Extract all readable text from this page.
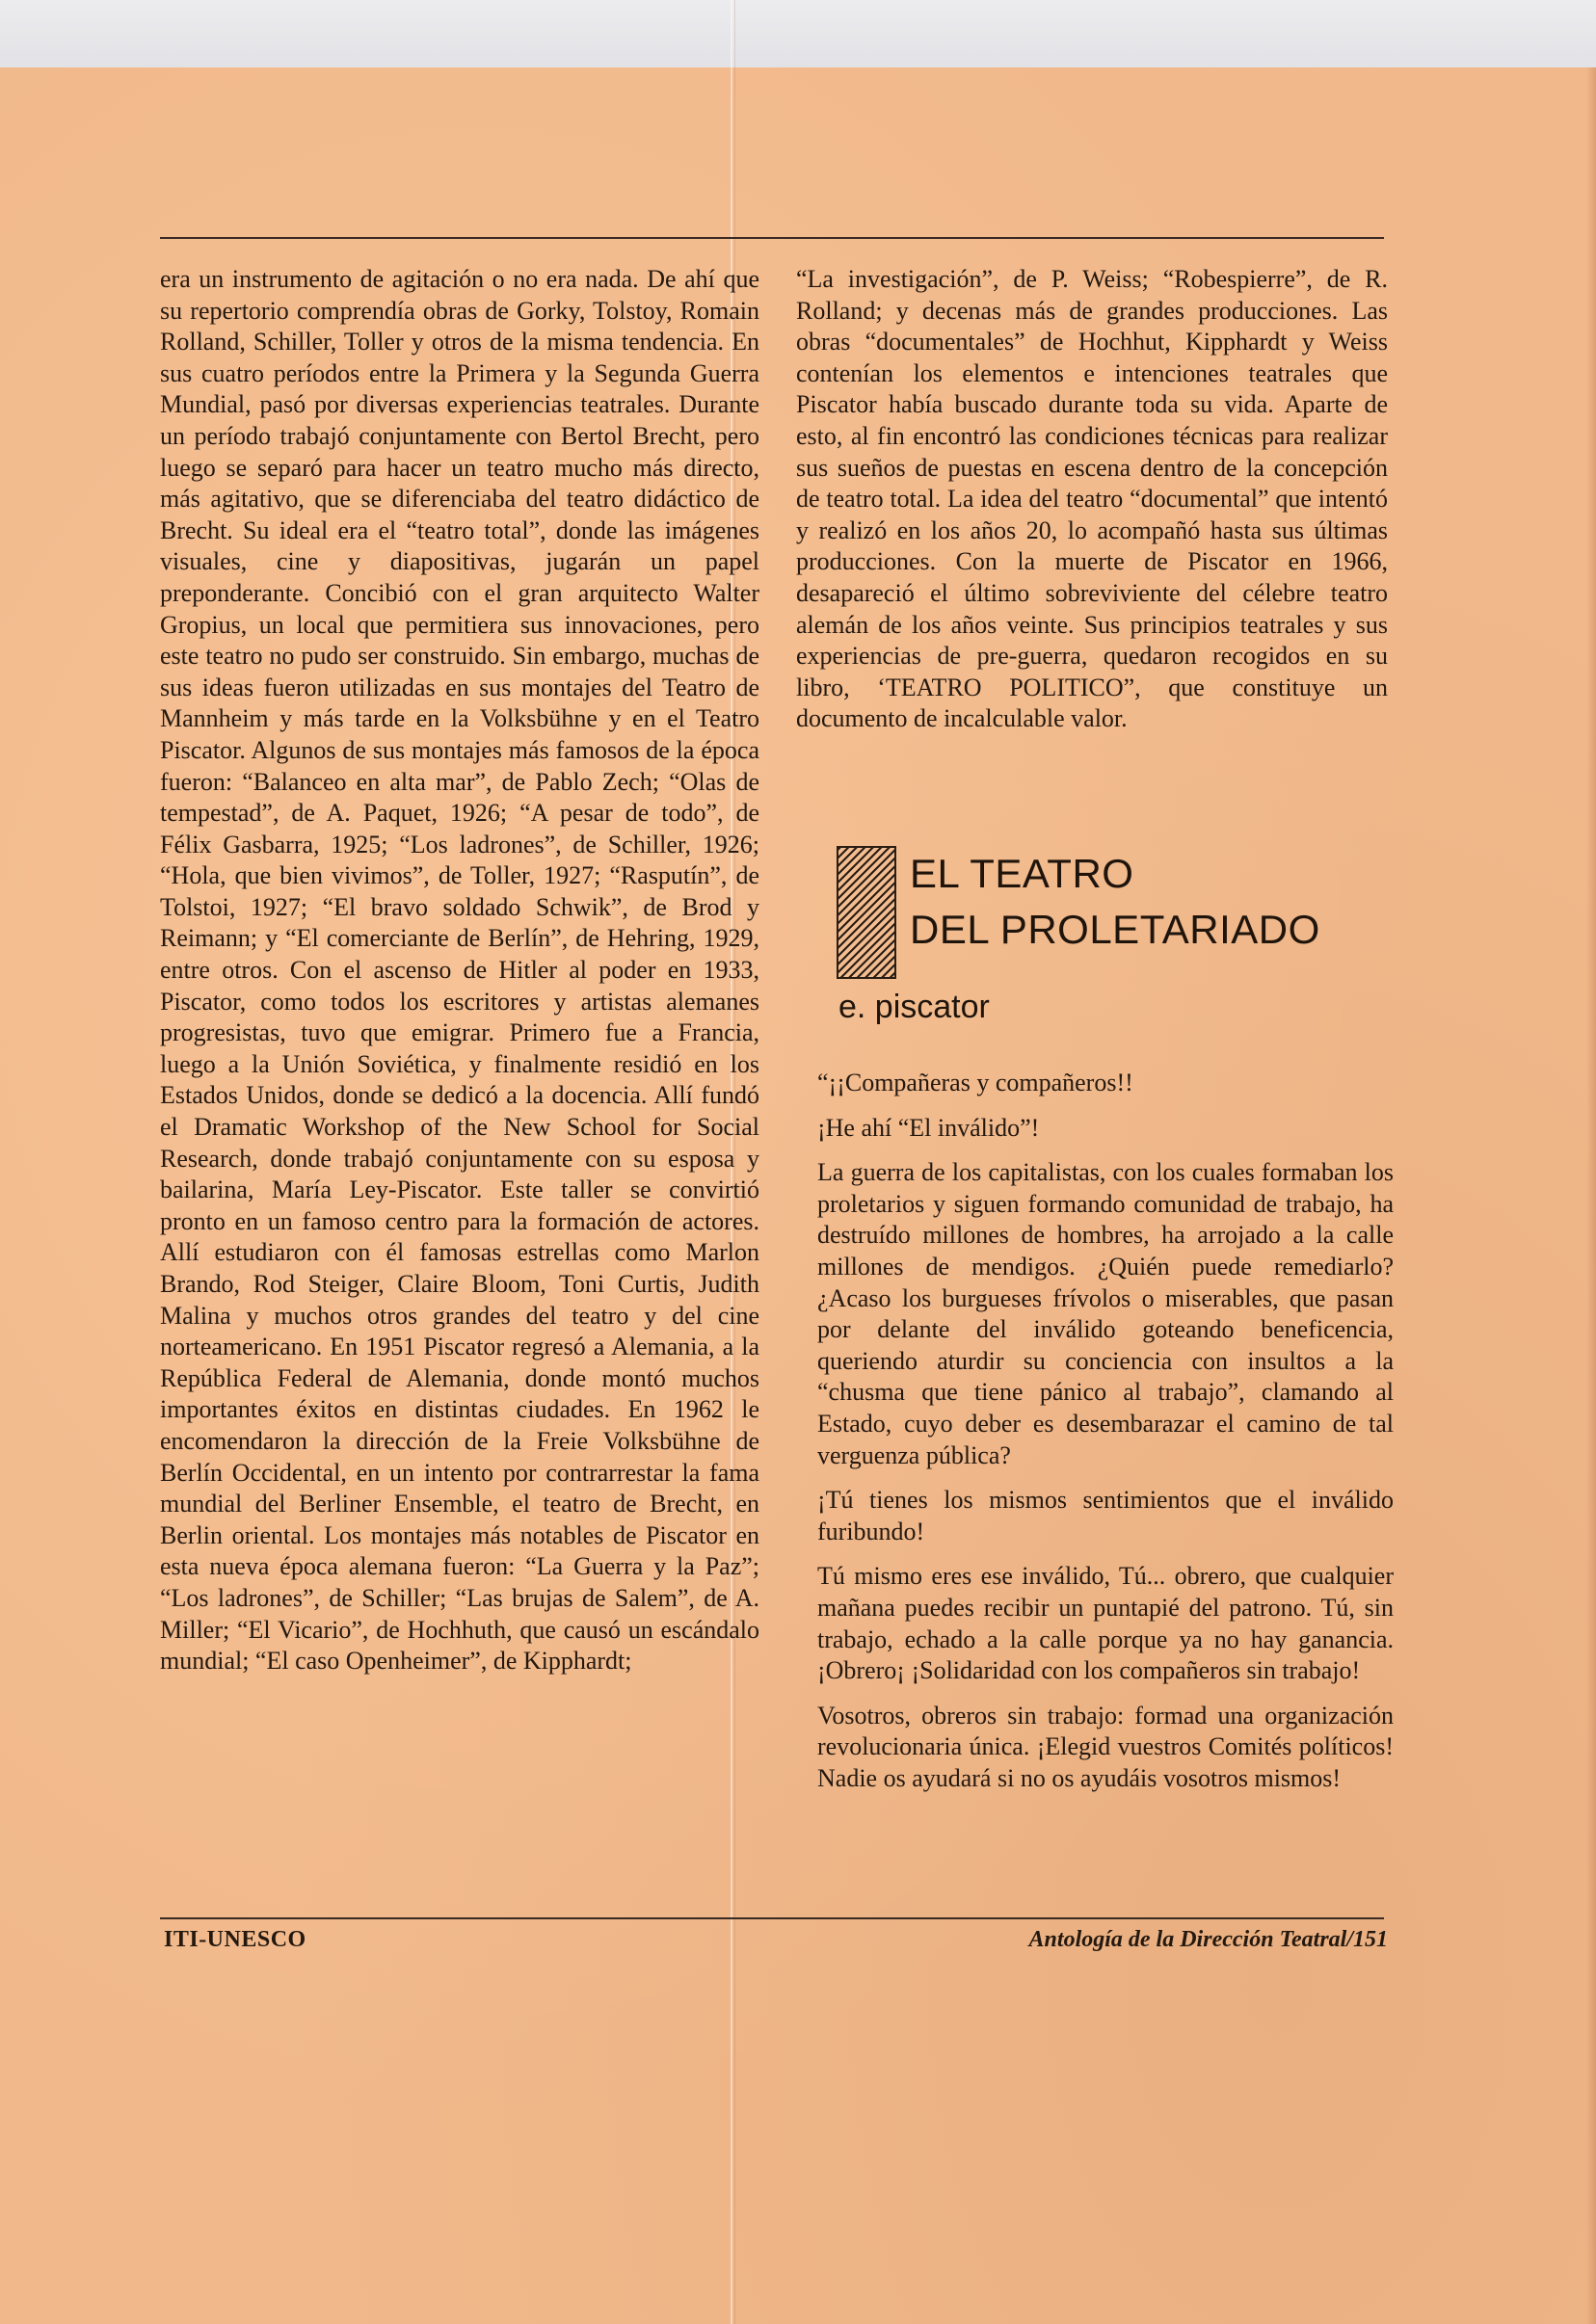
era un instrumento de agitación o no era nada. De ahí que su repertorio comprendía obras de Gorky, Tolstoy, Romain Rolland, Schiller, Toller y otros de la misma tendencia. En sus cuatro períodos entre la Primera y la Segunda Guerra Mundial, pasó por diversas experiencias teatrales. Durante un período trabajó conjuntamente con Bertol Brecht, pero luego se separó para hacer un teatro mucho más directo, más agitativo, que se diferenciaba del teatro didáctico de Brecht. Su ideal era el “teatro total”, donde las imágenes visuales, cine y diapositivas, jugarán un papel preponderante. Concibió con el gran arquitecto Walter Gropius, un local que permitiera sus innovaciones, pero este teatro no pudo ser construido. Sin embargo, muchas de sus ideas fueron utilizadas en sus montajes del Teatro de Mannheim y más tarde en la Volksbühne y en el Teatro Piscator. Algunos de sus montajes más famosos de la época fueron: “Balanceo en alta mar”, de Pablo Zech; “Olas de tempestad”, de A. Paquet, 1926; “A pesar de todo”, de Félix Gasbarra, 1925; “Los ladrones”, de Schiller, 1926; “Hola, que bien vivimos”, de Toller, 1927; “Rasputín”, de Tolstoi, 1927; “El bravo soldado Schwik”, de Brod y Reimann; y “El comerciante de Berlín”, de Hehring, 1929, entre otros. Con el ascenso de Hitler al poder en 1933, Piscator, como todos los escritores y artistas alemanes progresistas, tuvo que emigrar. Primero fue a Francia, luego a la Unión Soviética, y finalmente residió en los Estados Unidos, donde se dedicó a la docencia. Allí fundó el Dramatic Workshop of the New School for Social Research, donde trabajó conjuntamente con su esposa y bailarina, María Ley-Piscator. Este taller se convirtió pronto en un famoso centro para la formación de actores. Allí estudiaron con él famosas estrellas como Marlon Brando, Rod Steiger, Claire Bloom, Toni Curtis, Judith Malina y muchos otros grandes del teatro y del cine norteamericano. En 1951 Piscator regresó a Alemania, a la República Federal de Alemania, donde montó muchos importantes éxitos en distintas ciudades. En 1962 le encomendaron la dirección de la Freie Volksbühne de Berlín Occidental, en un intento por contrarrestar la fama mundial del Berliner Ensemble, el teatro de Brecht, en Berlin oriental. Los montajes más notables de Piscator en esta nueva época alemana fueron: “La Guerra y la Paz”; “Los ladrones”, de Schiller; “Las brujas de Salem”, de A. Miller; “El Vicario”, de Hochhuth, que causó un escándalo mundial; “El caso Openheimer”, de Kipphardt;

“La investigación”, de P. Weiss; “Robespierre”, de R. Rolland; y decenas más de grandes producciones. Las obras “documentales” de Hochhut, Kipphardt y Weiss contenían los elementos e intenciones teatrales que Piscator había buscado durante toda su vida. Aparte de esto, al fin encontró las condiciones técnicas para realizar sus sueños de puestas en escena dentro de la concepción de teatro total. La idea del teatro “documental” que intentó y realizó en los años 20, lo acompañó hasta sus últimas producciones. Con la muerte de Piscator en 1966, desapareció el último sobreviviente del célebre teatro alemán de los años veinte. Sus principios teatrales y sus experiencias de pre-guerra, quedaron recogidos en su libro, ‘TEATRO POLITICO”, que constituye un documento de incalculable valor.

EL TEATRO
DEL PROLETARIADO
e. piscator

“¡¡Compañeras y compañeros!!

¡He ahí “El inválido”!

La guerra de los capitalistas, con los cuales formaban los proletarios y siguen formando comunidad de trabajo, ha destruído millones de hombres, ha arrojado a la calle millones de mendigos. ¿Quién puede remediarlo? ¿Acaso los burgueses frívolos o miserables, que pasan por delante del inválido goteando beneficencia, queriendo aturdir su conciencia con insultos a la “chusma que tiene pánico al trabajo”, clamando al Estado, cuyo deber es desembarazar el camino de tal verguenza pública?

¡Tú tienes los mismos sentimientos que el inválido furibundo!

Tú mismo eres ese inválido, Tú... obrero, que cualquier mañana puedes recibir un puntapié del patrono. Tú, sin trabajo, echado a la calle porque ya no hay ganancia. ¡Obrero¡ ¡Solidaridad con los compañeros sin trabajo!

Vosotros, obreros sin trabajo: formad una organización revolucionaria única. ¡Elegid vuestros Comités políticos! Nadie os ayudará si no os ayudáis vosotros mismos!

ITI-UNESCO	Antología de la Dirección Teatral/151
